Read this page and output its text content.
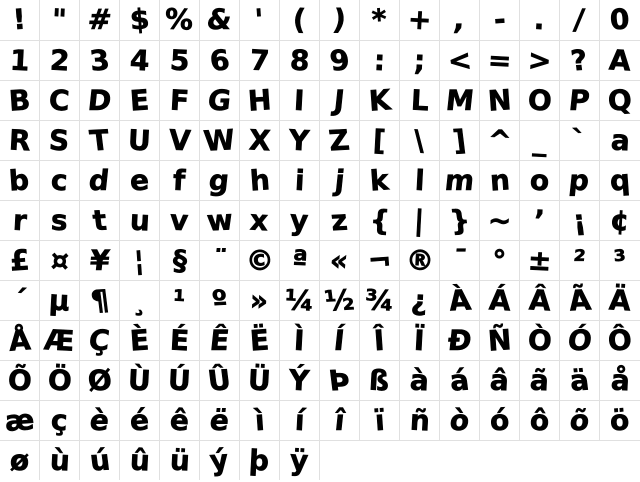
! " # $ % & ' ( ) * + , - . / 0
1 2 3 4 5 6 7 8 9 : ; < = > ? A
B C D E F G H I J K L M N O P Q
R S T U V W X Y Z [ \ ] ^ _ ` a
b c d e f g h i j k l m n o p q
r s t u v w x y z { | } ~ ’ ¡ ¢
£ ¤ ¥ ¦ § ¨ © ª « ¬ ® ¯ ° ± ² ³
´ µ ¶ ¸ ¹ º » ¼ ½ ¾ ¿ À Á Â Ã Ä
Å Æ Ç È É Ê Ë Ì Í Î Ï Ð Ñ Ò Ó Ô
Õ Ö Ø Ù Ú Û Ü Ý Þ ß à á â ã ä å
æ ç è é ê ë ì	í î ï ñ ò ó ô õ ö
ø ù ú û ü ý þ ÿ
